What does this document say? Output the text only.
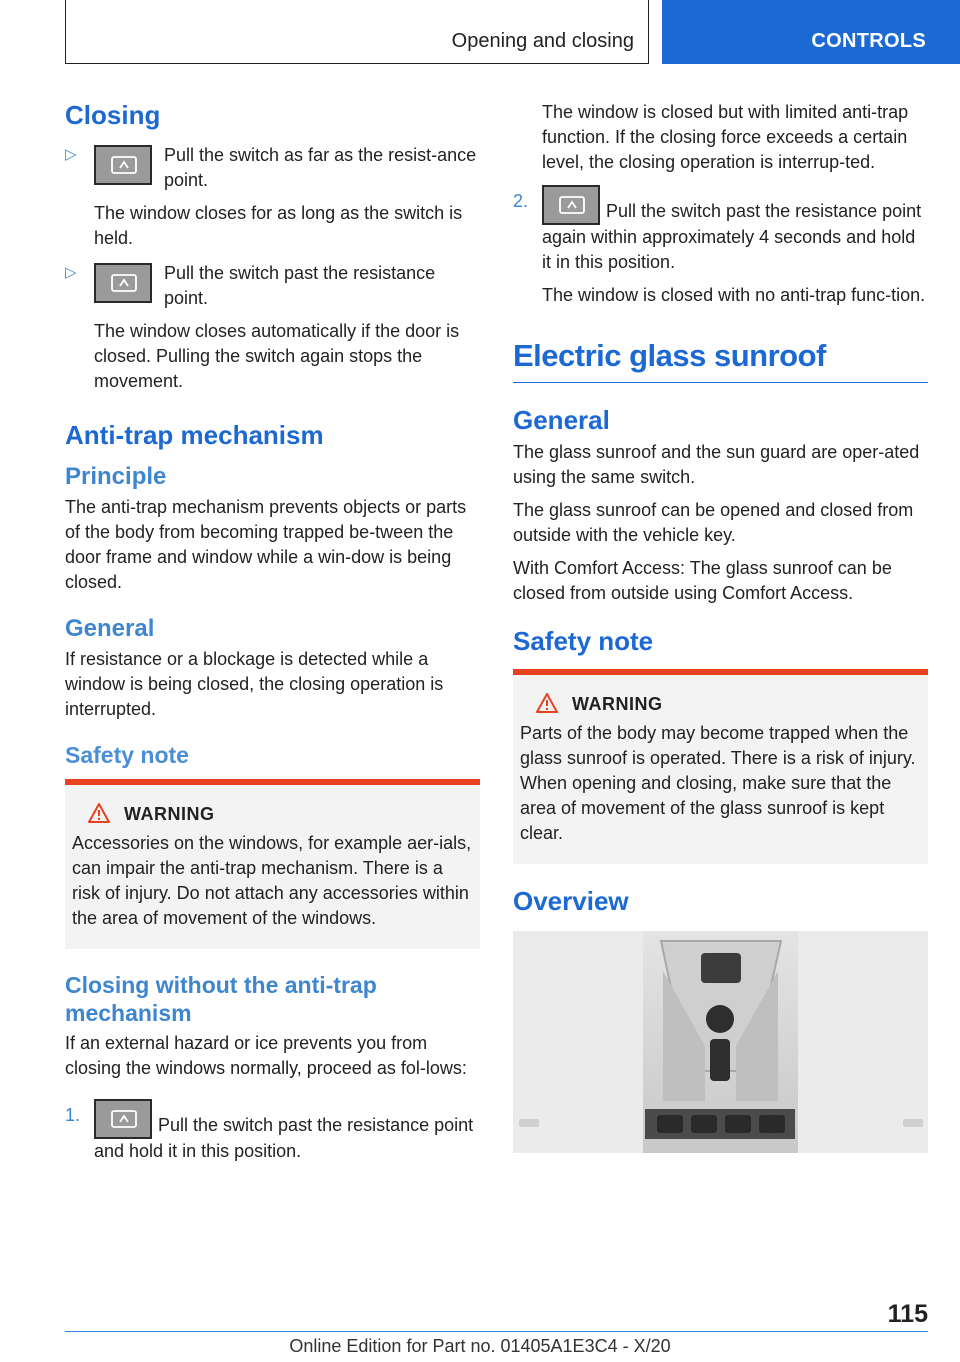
Opening and closing	CONTROLS
Closing
▷	Pull the switch as far as the resist-ance point.

The window closes for as long as the switch is held.

▷	Pull the switch past the resistance point.

The window closes automatically if the door is closed. Pulling the switch again stops the movement.

Anti-trap mechanism
Principle

The anti-trap mechanism prevents objects or parts of the body from becoming trapped be-tween the door frame and window while a win-dow is being closed.

General

If resistance or a blockage is detected while a window is being closed, the closing operation is interrupted.

Safety note
WARNING

Accessories on the windows, for example aer-ials, can impair the anti-trap mechanism. There is a risk of injury. Do not attach any accessories within the area of movement of the windows.

Closing without the anti-trap mechanism

If an external hazard or ice prevents you from closing the windows normally, proceed as fol-lows:

1.	Pull the switch past the resistance point and hold it in this position.

The window is closed but with limited anti-trap function. If the closing force exceeds a certain level, the closing operation is interrup-ted.

2.	Pull the switch past the resistance point again within approximately 4 seconds and hold it in this position.

The window is closed with no anti-trap func-tion.

Electric glass sunroof
General

The glass sunroof and the sun guard are oper-ated using the same switch.

The glass sunroof can be opened and closed from outside with the vehicle key.

With Comfort Access: The glass sunroof can be closed from outside using Comfort Access.

Safety note
WARNING

Parts of the body may become trapped when the glass sunroof is operated. There is a risk of injury. When opening and closing, make sure that the area of movement of the glass sunroof is kept clear.

Overview
115
Online Edition for Part no. 01405A1E3C4 - X/20
